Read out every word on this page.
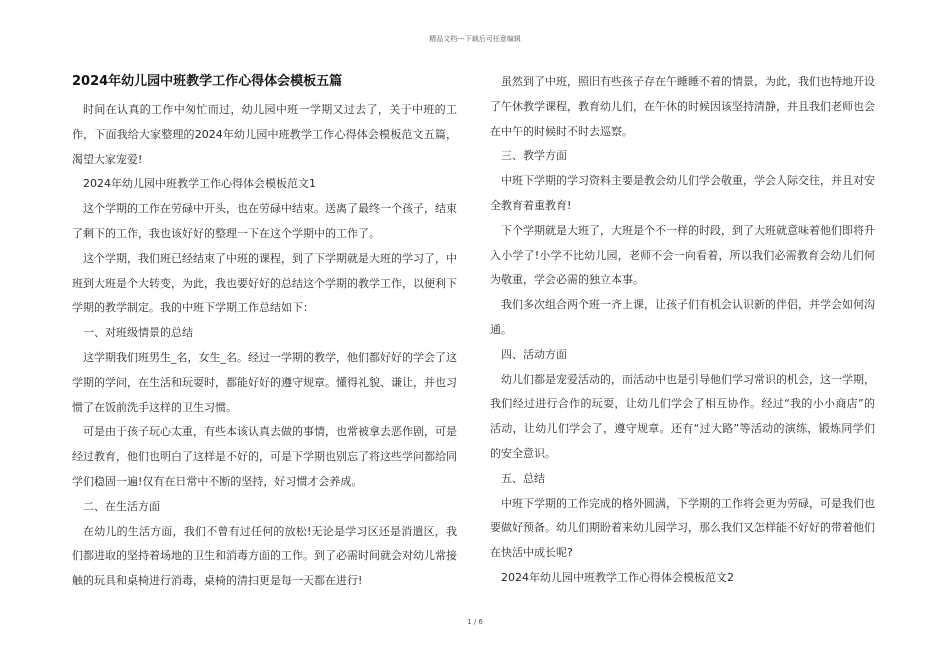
精品文档---下载后可任意编辑
2024年幼儿园中班教学工作心得体会模板五篇

时间在认真的工作中匆忙而过，幼儿园中班一学期又过去了，关于中班的工作，下面我给大家整理的2024年幼儿园中班教学工作心得体会模板范文五篇，渴望大家宠爱!

2024年幼儿园中班教学工作心得体会模板范文1

这个学期的工作在劳碌中开头，也在劳碌中结束。送离了最终一个孩子，结束了剩下的工作，我也该好好的整理一下在这个学期中的工作了。

这个学期，我们班已经结束了中班的课程，到了下学期就是大班的学习了，中班到大班是个大转变，为此，我也要好好的总结这个学期的教学工作，以便利下学期的教学制定。我的中班下学期工作总结如下：

一、对班级情景的总结

这学期我们班男生_名，女生_名。经过一学期的教学，他们都好好的学会了这学期的学问，在生活和玩耍时，都能好好的遵守规章。懂得礼貌、谦让，并也习惯了在饭前洗手这样的卫生习惯。

可是由于孩子玩心太重，有些本该认真去做的事情，也常被拿去恶作剧，可是经过教育，他们也明白了这样是不好的，可是下学期也别忘了将这些学问都给同学们稳固一遍!仅有在日常中不断的坚持，好习惯才会养成。

二、在生活方面

在幼儿的生活方面，我们不曾有过任何的放松!无论是学习区还是消遣区，我们都进取的坚持着场地的卫生和消毒方面的工作。到了必需时间就会对幼儿常接触的玩具和桌椅进行消毒，桌椅的清扫更是每一天都在进行!

虽然到了中班，照旧有些孩子存在午睡睡不着的情景，为此，我们也特地开设了午休教学课程，教育幼儿们，在午休的时候因该坚持清静，并且我们老师也会在中午的时候时不时去巡察。

三、教学方面

中班下学期的学习资料主要是教会幼儿们学会敬重，学会人际交往，并且对安全教育着重教育!

下个学期就是大班了，大班是个不一样的时段，到了大班就意味着他们即将升入小学了!小学不比幼儿园，老师不会一向看着，所以我们必需教育会幼儿们何为敬重，学会必需的独立本事。

我们多次组合两个班一齐上课，让孩子们有机会认识新的伴侣，并学会如何沟通。

四、活动方面

幼儿们都是宠爱活动的，而活动中也是引导他们学习常识的机会，这一学期，我们经过进行合作的玩耍，让幼儿们学会了相互协作。经过“我的小小商店”的活动，让幼儿们学会了，遵守规章。还有“过大路”等活动的演练，锻炼同学们的安全意识。

五、总结

中班下学期的工作完成的格外圆满，下学期的工作将会更为劳碌，可是我们也要做好预备。幼儿们期盼着来幼儿园学习，那么我们又怎样能不好好的带着他们在快活中成长呢?

2024年幼儿园中班教学工作心得体会模板范文2

1 / 6
